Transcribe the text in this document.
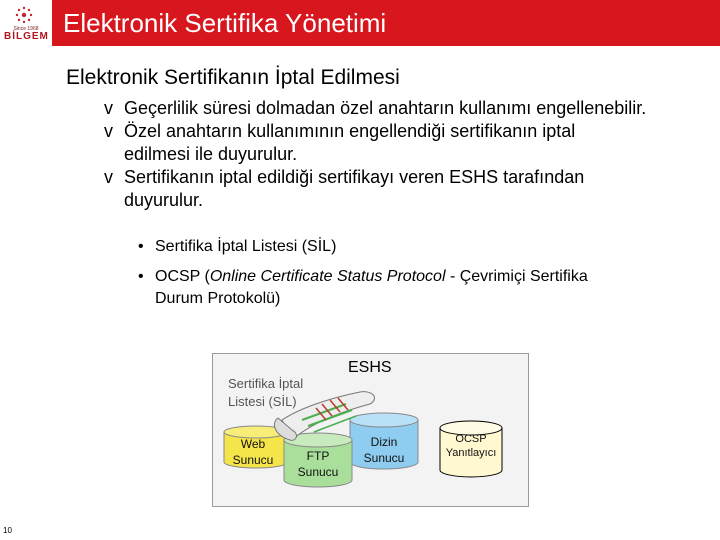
Since 1968
BİLGEM Elektronik Sertifika Yönetimi
Elektronik Sertifikanın İptal Edilmesi
v Geçerlilik süresi dolmadan özel anahtarın kullanımı engellenebilir.
v Özel anahtarın kullanımının engellendiği sertifikanın iptal
edilmesi ile duyurulur.
v Sertifikanın iptal edildiği sertifikayı veren ESHS tarafından
duyurulur.
• Sertifika İptal Listesi (SİL)
• OCSP (Online Certificate Status Protocol - Çevrimiçi Sertifika
Durum Protokolü)
ESHS
Sertifika İptal
Listesi (SİL)
Web
Sunucu	FTP
Sunucu
Dizin
Sunucu
OCSP
Yanıtlayıcı
10
